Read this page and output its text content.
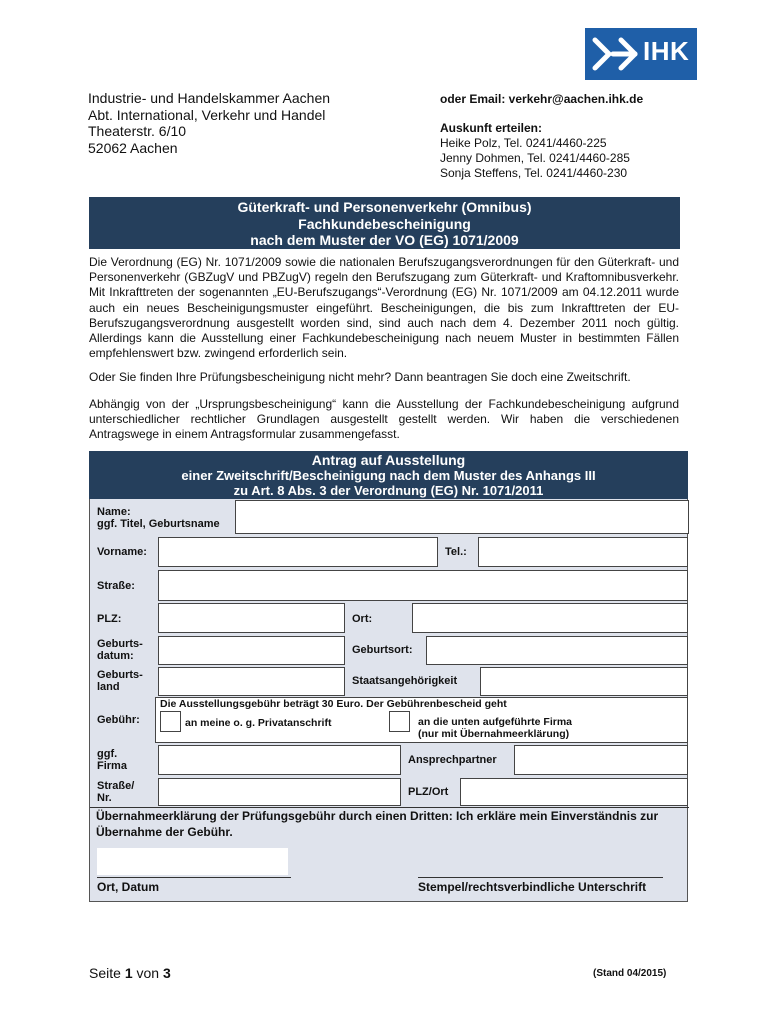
IHK
Industrie- und Handelskammer Aachen
Abt. International, Verkehr und Handel
Theaterstr. 6/10
52062 Aachen
oder Email: verkehr@aachen.ihk.de
Auskunft erteilen:
Heike Polz, Tel. 0241/4460-225
Jenny Dohmen, Tel. 0241/4460-285
Sonja Steffens, Tel. 0241/4460-230
Güterkraft- und Personenverkehr (Omnibus)
Fachkundebescheinigung
nach dem Muster der VO (EG) 1071/2009
Die Verordnung (EG) Nr. 1071/2009 sowie die nationalen Berufszugangsverordnungen für den Güterkraft- und Personenverkehr (GBZugV und PBZugV) regeln den Berufszugang zum Güterkraft- und Kraftomnibusverkehr. Mit Inkrafttreten der sogenannten „EU-Berufszugangs“-Verordnung (EG) Nr. 1071/2009 am 04.12.2011 wurde auch ein neues Bescheinigungsmuster eingeführt. Bescheinigungen, die bis zum Inkrafttreten der EU-Berufszugangsverordnung ausgestellt worden sind, sind auch nach dem 4. Dezember 2011 noch gültig. Allerdings kann die Ausstellung einer Fachkundebescheinigung nach neuem Muster in bestimmten Fällen empfehlenswert bzw. zwingend erforderlich sein.
Oder Sie finden Ihre Prüfungsbescheinigung nicht mehr? Dann beantragen Sie doch eine Zweitschrift.
Abhängig von der „Ursprungsbescheinigung“ kann die Ausstellung der Fachkundebescheinigung aufgrund unterschiedlicher rechtlicher Grundlagen ausgestellt gestellt werden. Wir haben die verschiedenen Antragswege in einem Antragsformular zusammengefasst.
Antrag auf Ausstellung
einer Zweitschrift/Bescheinigung nach dem Muster des Anhangs III
zu Art. 8 Abs. 3 der Verordnung (EG) Nr. 1071/2011
Name:
ggf. Titel, Geburtsname
Vorname:	Tel.:
Straße:
PLZ:	Ort:
Geburts-
datum:	Geburtsort:
Geburts-
land	Staatsangehörigkeit
Die Ausstellungsgebühr beträgt 30 Euro. Der Gebührenbescheid geht
Gebühr:	an meine o. g. Privatanschrift	an die unten aufgeführte Firma
(nur mit Übernahmeerklärung)
ggf.
Firma	Ansprechpartner
Straße/
Nr.	PLZ/Ort
Ort, Datum	Stempel/rechtsverbindliche Unterschrift
Übernahmeerklärung der Prüfungsgebühr durch einen Dritten: Ich erkläre mein Einverständnis zur Übernahme der Gebühr.
Seite 1 von 3	(Stand 04/2015)
